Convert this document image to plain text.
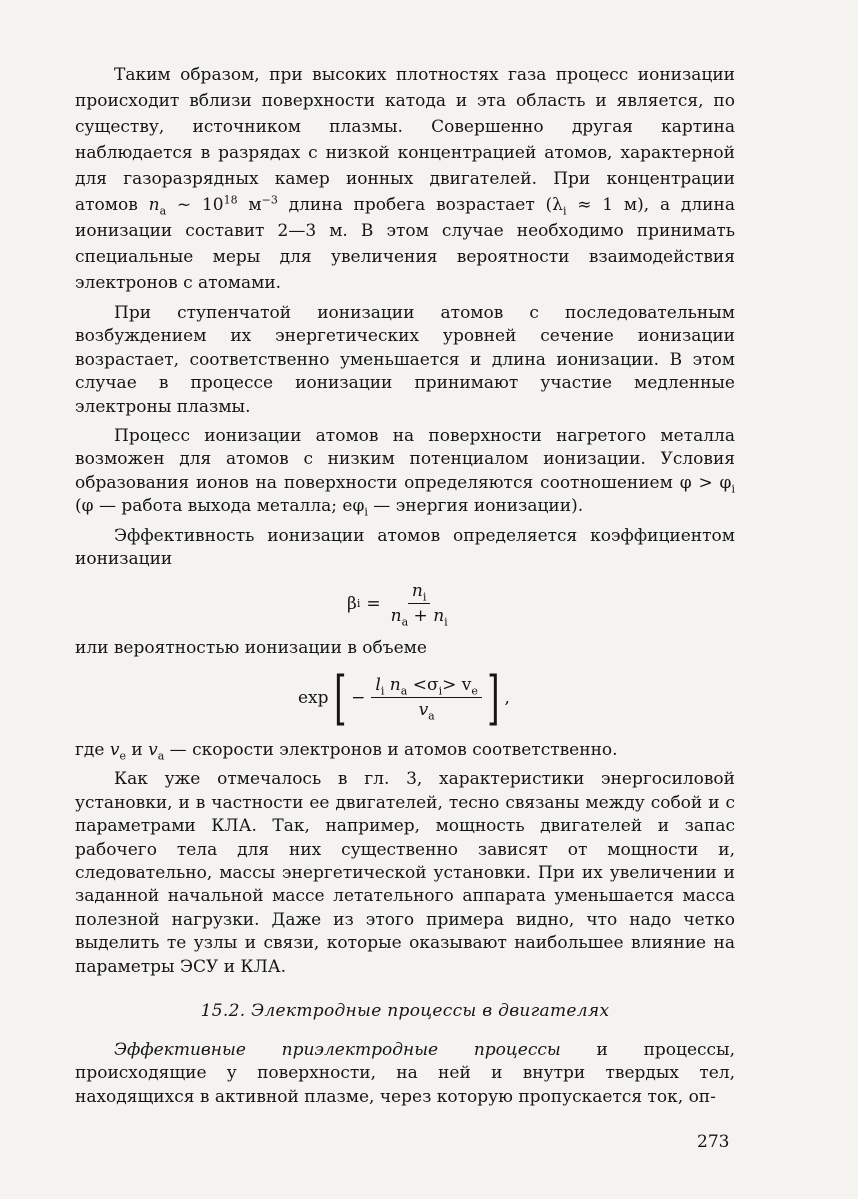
Таким образом, при высоких плотностях газа процесс ионизации происходит вблизи поверхности катода и эта область и является, по существу, источником плазмы. Совершенно другая картина наблюдается в разрядах с низкой концентрацией атомов, характерной для газоразрядных камер ионных двигателей. При концентрации атомов $n_а$ ~ $10^{18}$ $м^{-3}$ длина пробега возрастает ($\lambda_i \approx 1$ м), а длина ионизации составит 2—3 м. В этом случае необходимо принимать специальные меры для увеличения вероятности взаимодействия электронов с атомами.

При ступенчатой ионизации атомов с последовательным возбуждением их энергетических уровней сечение ионизации возрастает, соответственно уменьшается и длина ионизации. В этом случае в процессе ионизации принимают участие медленные электроны плазмы.

Процесс ионизации атомов на поверхности нагретого металла возможен для атомов с низким потенциалом ионизации. Условия образования ионов на поверхности определяются соотношением $\varphi > \varphi_i$ (φ — работа выхода металла; $e\varphi_i$ — энергия ионизации).

Эффективность ионизации атомов определяется коэффициентом ионизации

β $i = \frac{n_i}{n_а + n_i}$

или вероятностью ионизации в объеме

exp [ − $\frac{l_i n_а <\sigma_i> v_e}{v_а}$ ] ,

где $v_e$ и $v_а$ — скорости электронов и атомов соответственно.

Как уже отмечалось в гл. 3, характеристики энергосиловой установки, и в частности ее двигателей, тесно связаны между собой и с параметрами КЛА. Так, например, мощность двигателей и запас рабочего тела для них существенно зависят от мощности и, следовательно, массы энергетической установки. При их увеличении и заданной начальной массе летательного аппарата уменьшается масса полезной нагрузки. Даже из этого примера видно, что надо четко выделить те узлы и связи, которые оказывают наибольшее влияние на параметры ЭСУ и КЛА.

15.2. Электродные процессы в двигателях

Эффективные приэлектродные процессы и процессы, происходящие у поверхности, на ней и внутри твердых тел, находящихся в активной плазме, через которую пропускается ток, оп-

273
